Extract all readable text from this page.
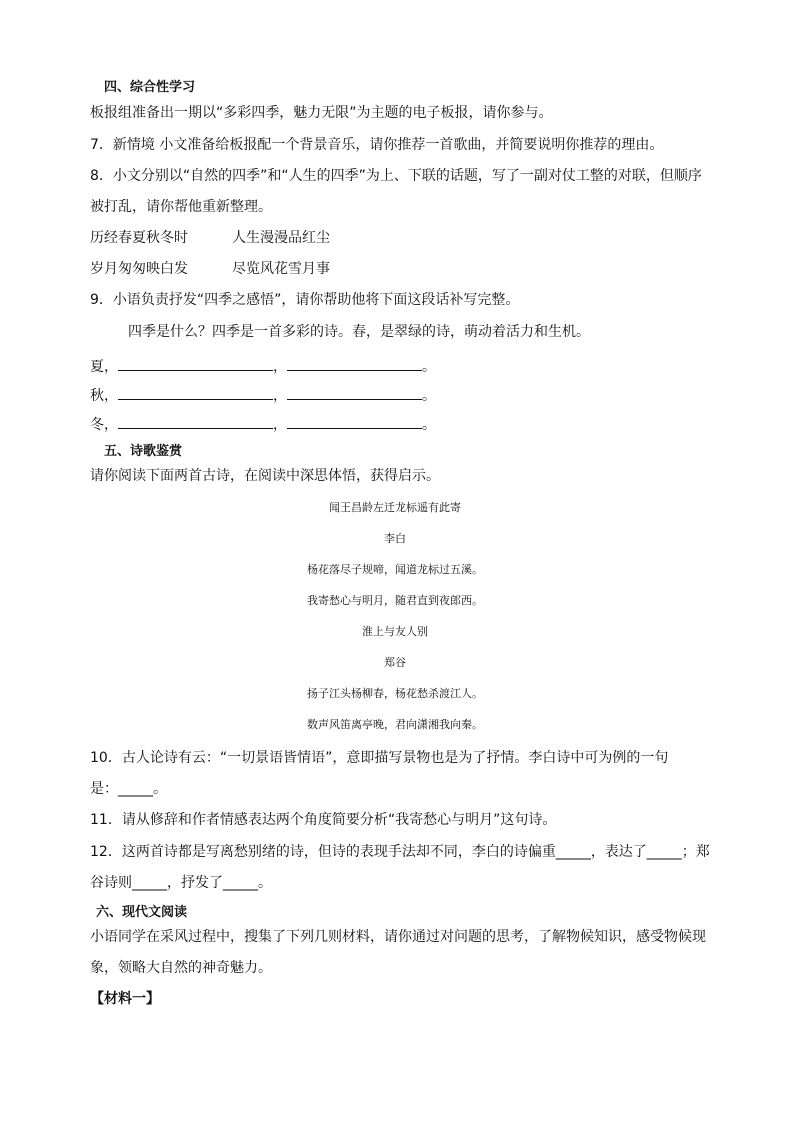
四、综合性学习
板报组准备出一期以“多彩四季，魅力无限”为主题的电子板报，请你参与。
7．新情境 小文准备给板报配一个背景音乐，请你推荐一首歌曲，并简要说明你推荐的理由。
8．小文分别以“自然的四季”和“人生的四季”为上、下联的话题，写了一副对仗工整的对联，但顺序
被打乱，请你帮他重新整理。
历经春夏秋冬时	人生漫漫品红尘
岁月匆匆映白发	尽览风花雪月事
9．小语负责抒发“四季之感悟”，请你帮助他将下面这段话补写完整。
四季是什么？四季是一首多彩的诗。春，是翠绿的诗，萌动着活力和生机。
夏，	，	。
秋，	，	。
冬，	，	。
五、诗歌鉴赏
请你阅读下面两首古诗，在阅读中深思体悟，获得启示。
闻王昌龄左迁龙标遥有此寄
李白
杨花落尽子规啼，闻道龙标过五溪。
我寄愁心与明月，随君直到夜郎西。
淮上与友人别
郑谷
扬子江头杨柳春，杨花愁杀渡江人。
数声风笛离亭晚，君向潇湘我向秦。
10．古人论诗有云：“一切景语皆情语”，意即描写景物也是为了抒情。李白诗中可为例的一句
是：_____。
11．请从修辞和作者情感表达两个角度简要分析“我寄愁心与明月”这句诗。
12．这两首诗都是写离愁别绪的诗，但诗的表现手法却不同，李白的诗偏重_____，表达了_____；郑
谷诗则_____，抒发了_____。
六、现代文阅读
小语同学在采风过程中，搜集了下列几则材料，请你通过对问题的思考，了解物候知识，感受物候现
象，领略大自然的神奇魅力。
【材料一】
